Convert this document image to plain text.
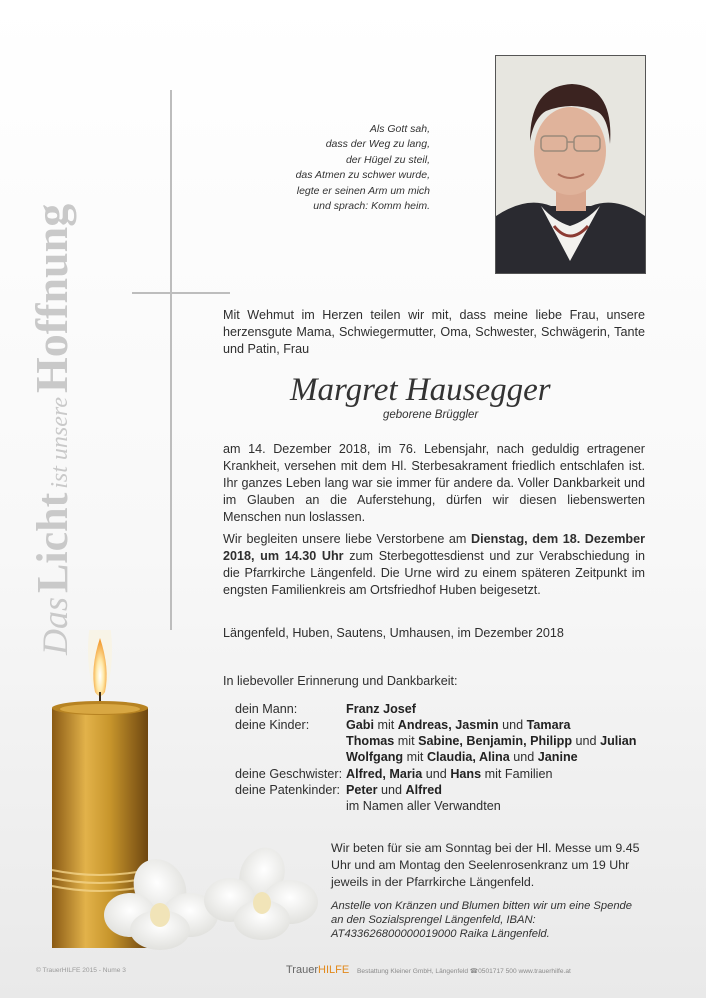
Das Licht ist unsere Hoffnung
Als Gott sah,
dass der Weg zu lang,
der Hügel zu steil,
das Atmen zu schwer wurde,
legte er seinen Arm um mich
und sprach: Komm heim.
Mit Wehmut im Herzen teilen wir mit, dass meine liebe Frau, unsere herzensgute Mama, Schwiegermutter, Oma, Schwester, Schwägerin, Tante und Patin, Frau
Margret Hausegger
geborene Brüggler
am 14. Dezember 2018, im 76. Lebensjahr, nach geduldig ertragener Krankheit, versehen mit dem Hl. Sterbesakrament friedlich entschlafen ist. Ihr ganzes Leben lang war sie immer für andere da. Voller Dankbarkeit und im Glauben an die Auferstehung, dürfen wir diesen liebenswerten Menschen nun loslassen.
Wir begleiten unsere liebe Verstorbene am Dienstag, dem 18. Dezember 2018, um 14.30 Uhr zum Sterbegottesdienst und zur Verabschiedung in die Pfarrkirche Längenfeld. Die Urne wird zu einem späteren Zeitpunkt im engsten Familienkreis am Ortsfriedhof Huben beigesetzt.
Längenfeld, Huben, Sautens, Umhausen, im Dezember 2018
In liebevoller Erinnerung und Dankbarkeit:
dein Mann:
deine Kinder:
deine Geschwister:
deine Patenkinder:
Franz Josef
Gabi mit Andreas, Jasmin und Tamara
Thomas mit Sabine, Benjamin, Philipp und Julian
Wolfgang mit Claudia, Alina und Janine
Alfred, Maria und Hans mit Familien
Peter und Alfred
im Namen aller Verwandten
Wir beten für sie am Sonntag bei der Hl. Messe um 9.45 Uhr und am Montag den Seelenrosenkranz um 19 Uhr jeweils in der Pfarrkirche Längenfeld.
Anstelle von Kränzen und Blumen bitten wir um eine Spende an den Sozialsprengel Längenfeld, IBAN: AT433626800000019000 Raika Längenfeld.
© TrauerHILFE 2015 - Nume 3	TrauerHILFE Bestattung Kleiner GmbH, Längenfeld ☎0501717 500 www.trauerhilfe.at
